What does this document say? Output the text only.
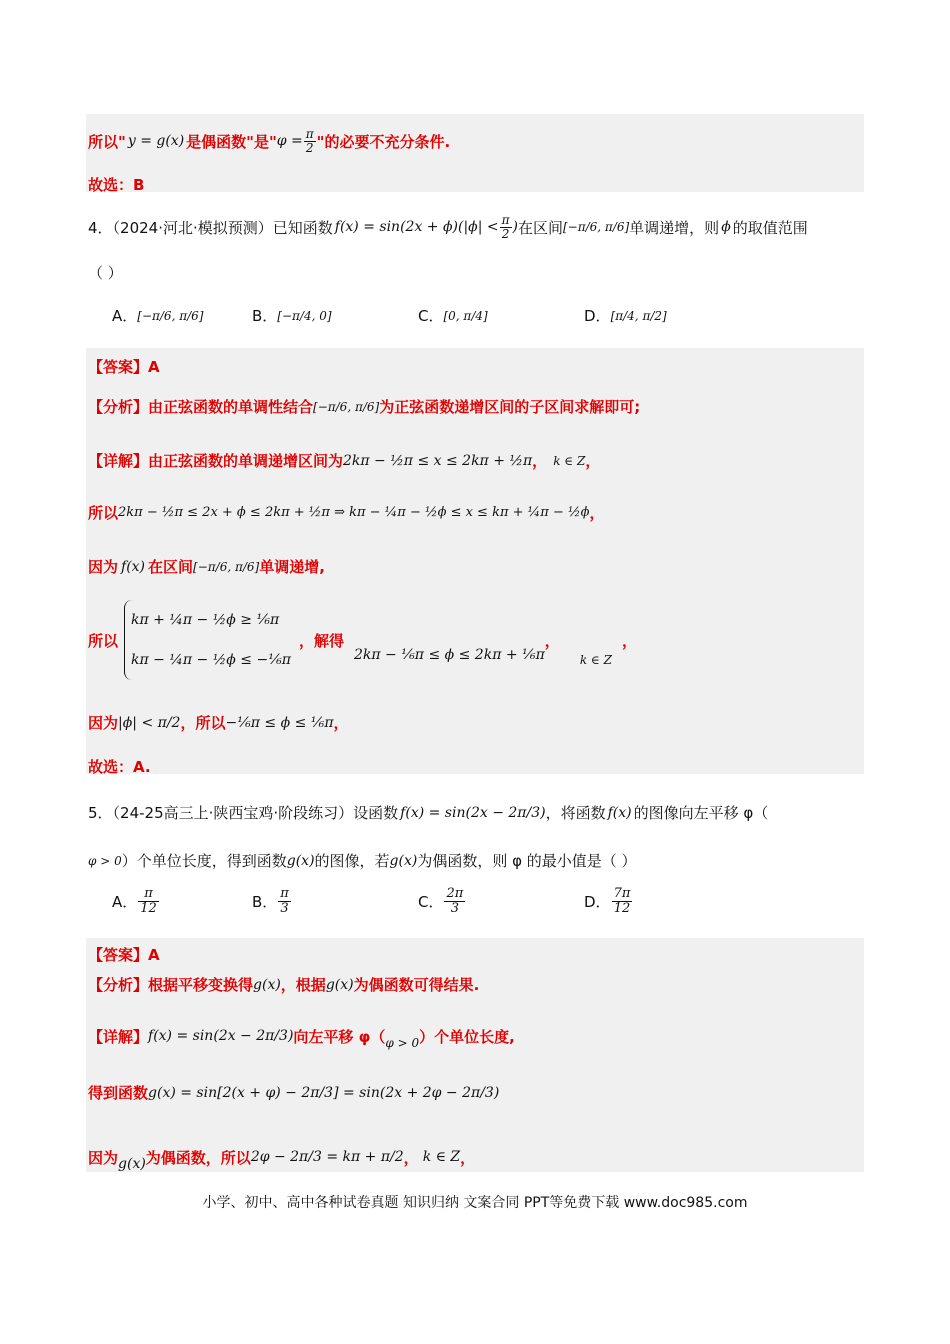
所以" y = g(x) 是偶函数"是" $\varphi = \frac{\pi}{2}$ "的必要不充分条件.
故选：B
4．（2024·河北·模拟预测）已知函数 $f(x) = \sin(2x + \phi)(|\phi| < \frac{\pi}{2}$ ) 在区间 [−π/6, π/6] 单调递增，则 ϕ 的取值范围
（ ）
A． [−π/6, π/6]	B． [−π/4, 0]	C． [0, π/4]	D． [π/4, π/2]
【答案】A
【分析】由正弦函数的单调性结合 [−π/6, π/6] 为正弦函数递增区间的子区间求解即可;
【详解】由正弦函数的单调递增区间为 2kπ − ½π ≤ x ≤ 2kπ + ½π ， k ∈ Z ，
所以 2kπ − ½π ≤ 2x + ϕ ≤ 2kπ + ½π ⇒ kπ − ¼π − ½ϕ ≤ x ≤ kπ + ¼π − ½ϕ ，
因为 f(x) 在区间 [−π/6, π/6] 单调递增,
所以
kπ + ¼π − ½ϕ ≥ ⅙π
kπ − ¼π − ½ϕ ≤ −⅙π
，解得
2kπ − ⅙π ≤ ϕ ≤ 2kπ + ⅙π
，
k ∈ Z
，
因为 |ϕ| < π/2 ，所以 −⅙π ≤ ϕ ≤ ⅙π ，
故选：A.
5．（24-25高三上·陕西宝鸡·阶段练习）设函数 f(x) = sin(2x − 2π/3) ，将函数 f(x) 的图像向左平移 φ（
φ > 0 ）个单位长度，得到函数 g(x) 的图像，若 g(x) 为偶函数，则 φ 的最小值是（ ）
A． $\frac{\pi}{12}$	B． $\frac{\pi}{3}$	C． $\frac{2\pi}{3}$	D． $\frac{7\pi}{12}$
【答案】A
【分析】根据平移变换得 g(x) ，根据 g(x) 为偶函数可得结果.
【详解】 f(x) = sin(2x − 2π/3) 向左平移 φ（ φ > 0 ）个单位长度,
得到函数 g(x) = sin[2(x + φ) − 2π/3] = sin(2x + 2φ − 2π/3)
因为 g(x) 为偶函数，所以 2φ − 2π/3 = kπ + π/2 ， k ∈ Z ，
小学、初中、高中各种试卷真题 知识归纳 文案合同 PPT等免费下载 www.doc985.com
